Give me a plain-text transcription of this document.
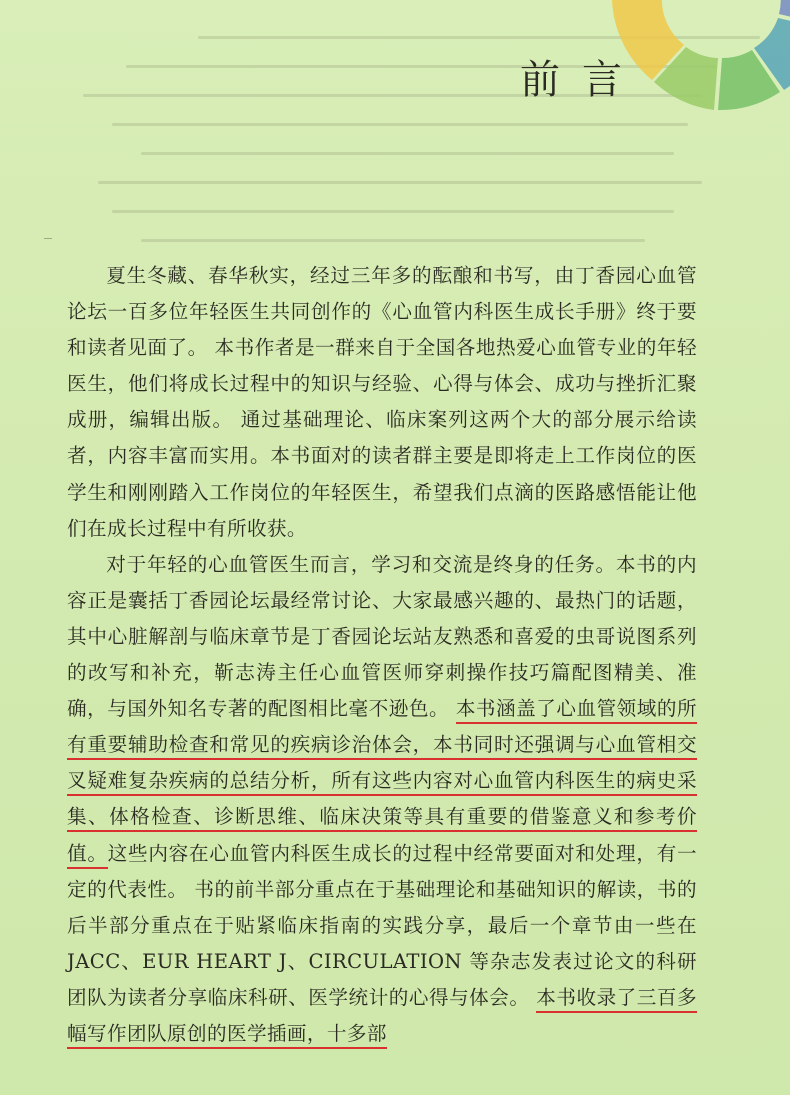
前言

夏生冬藏、春华秋实，经过三年多的酝酿和书写，由丁香园心血管论坛一百多位年轻医生共同创作的《心血管内科医生成长手册》终于要和读者见面了。 本书作者是一群来自于全国各地热爱心血管专业的年轻医生，他们将成长过程中的知识与经验、心得与体会、成功与挫折汇聚成册，编辑出版。 通过基础理论、临床案列这两个大的部分展示给读者，内容丰富而实用。本书面对的读者群主要是即将走上工作岗位的医学生和刚刚踏入工作岗位的年轻医生，希望我们点滴的医路感悟能让他们在成长过程中有所收获。

对于年轻的心血管医生而言，学习和交流是终身的任务。本书的内容正是囊括丁香园论坛最经常讨论、大家最感兴趣的、最热门的话题，其中心脏解剖与临床章节是丁香园论坛站友熟悉和喜爱的虫哥说图系列的改写和补充，靳志涛主任心血管医师穿刺操作技巧篇配图精美、准确，与国外知名专著的配图相比毫不逊色。 本书涵盖了心血管领域的所有重要辅助检查和常见的疾病诊治体会，本书同时还强调与心血管相交叉疑难复杂疾病的总结分析，所有这些内容对心血管内科医生的病史采集、体格检查、诊断思维、临床决策等具有重要的借鉴意义和参考价值。这些内容在心血管内科医生成长的过程中经常要面对和处理，有一定的代表性。 书的前半部分重点在于基础理论和基础知识的解读，书的后半部分重点在于贴紧临床指南的实践分享，最后一个章节由一些在 JACC、EUR HEART J、CIRCULATION 等杂志发表过论文的科研团队为读者分享临床科研、医学统计的心得与体会。 本书收录了三百多幅写作团队原创的医学插画，十多部
